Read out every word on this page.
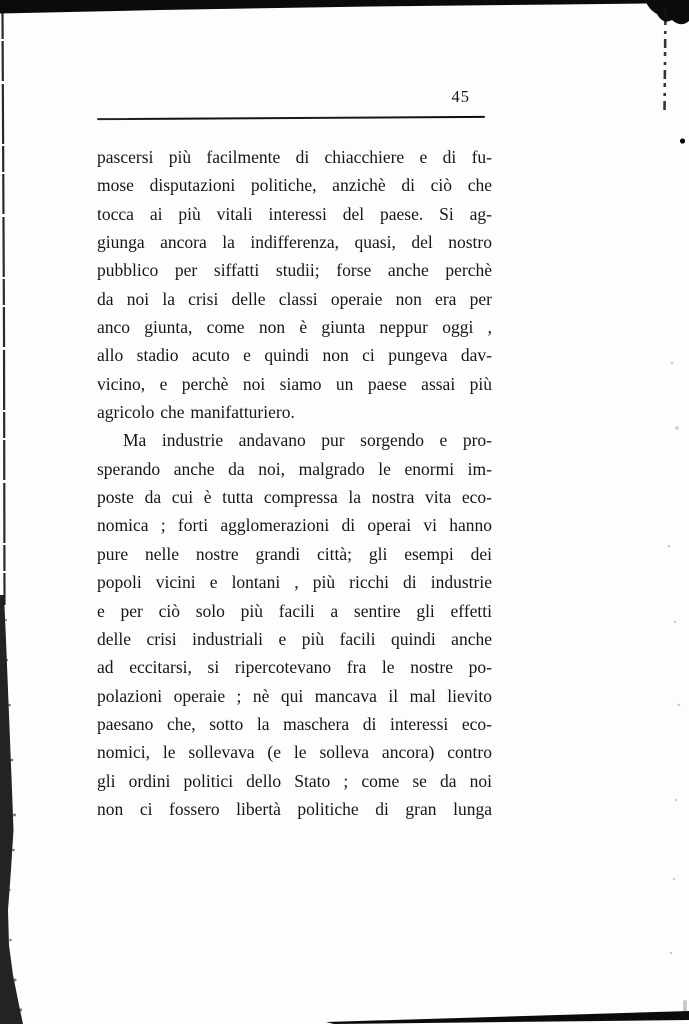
45
pascersi più facilmente di chiacchiere e di fu-
mose disputazioni politiche, anzichè di ciò che
tocca ai più vitali interessi del paese. Si ag-
giunga ancora la indifferenza, quasi, del nostro
pubblico per siffatti studii; forse anche perchè
da noi la crisi delle classi operaie non era per
anco giunta, come non è giunta neppur oggi ,
allo stadio acuto e quindi non ci pungeva dav-
vicino, e perchè noi siamo un paese assai più
agricolo che manifatturiero.
Ma industrie andavano pur sorgendo e pro-
sperando anche da noi, malgrado le enormi im-
poste da cui è tutta compressa la nostra vita eco-
nomica ; forti agglomerazioni di operai vi hanno
pure nelle nostre grandi città; gli esempi dei
popoli vicini e lontani , più ricchi di industrie
e per ciò solo più facili a sentire gli effetti
delle crisi industriali e più facili quindi anche
ad eccitarsi, si ripercotevano fra le nostre po-
polazioni operaie ; nè qui mancava il mal lievito
paesano che, sotto la maschera di interessi eco-
nomici, le sollevava (e le solleva ancora) contro
gli ordini politici dello Stato ; come se da noi
non ci fossero libertà politiche di gran lunga
